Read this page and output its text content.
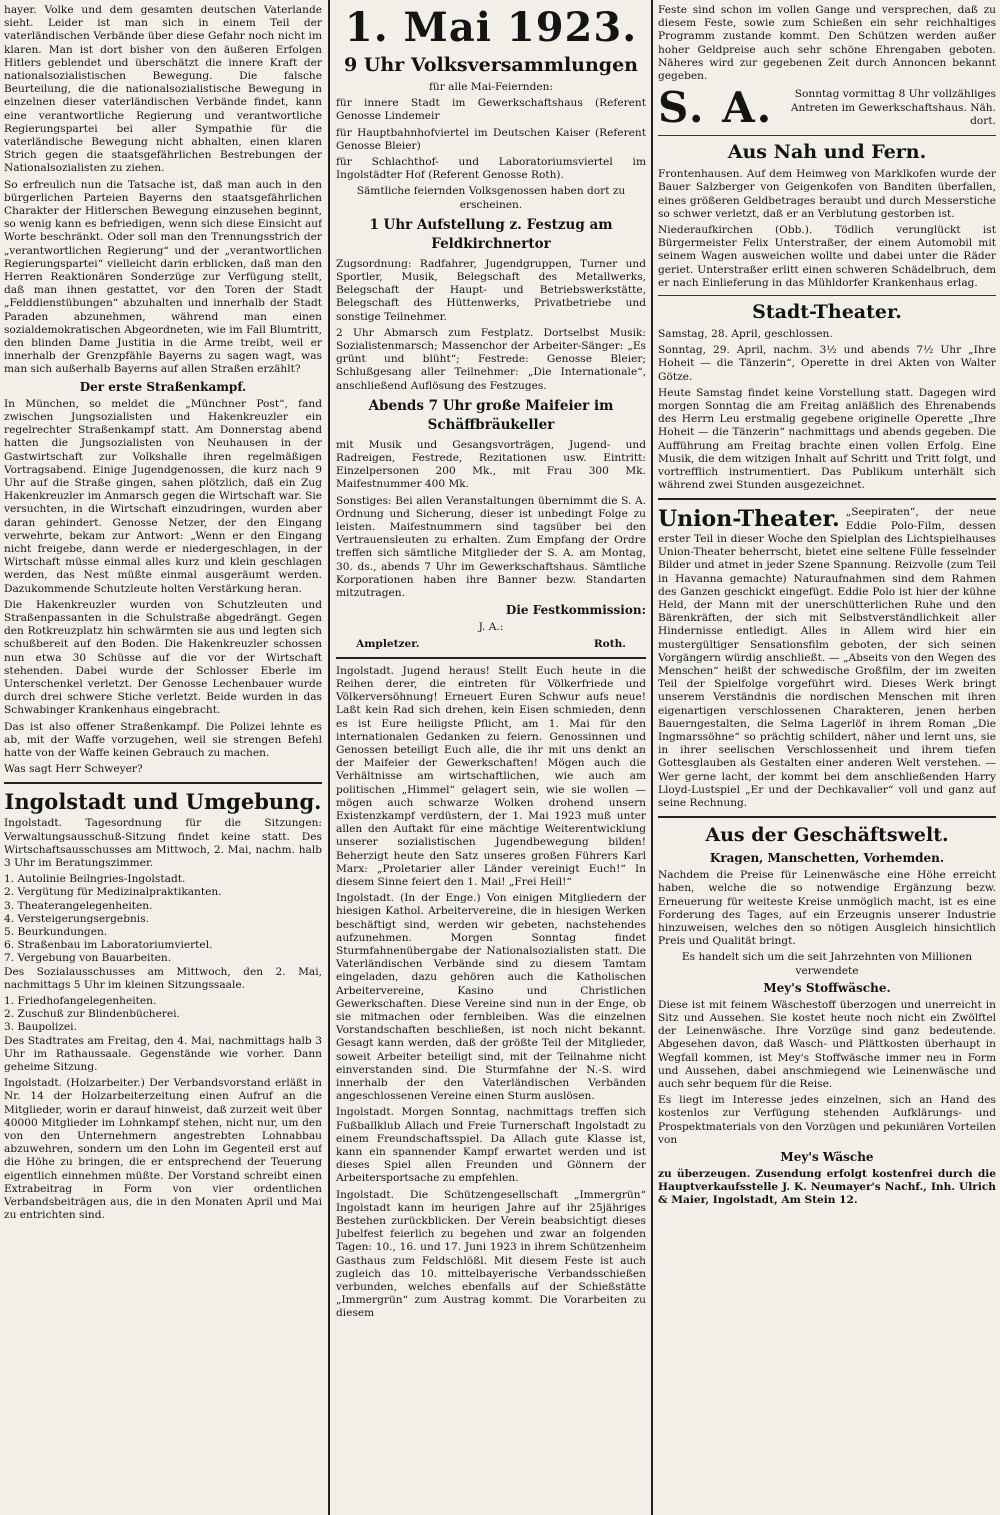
hayer. Volke und dem gesamten deutschen Vaterlande sieht. Leider ist man sich in einem Teil der vaterländischen Verbände über diese Gefahr noch nicht im klaren. Man ist dort bisher von den äußeren Erfolgen Hitlers geblendet und überschätzt die innere Kraft der nationalsozialistischen Bewegung. Die falsche Beurteilung, die die nationalsozialistische Bewegung in einzelnen dieser vaterländischen Verbände findet, kann eine verantwortliche Regierung und verantwortliche Regierungspartei bei aller Sympathie für die vaterländische Bewegung nicht abhalten, einen klaren Strich gegen die staatsgefährlichen Bestrebungen der Nationalsozialisten zu ziehen.

So erfreulich nun die Tatsache ist, daß man auch in den bürgerlichen Parteien Bayerns den staatsgefährlichen Charakter der Hitlerschen Bewegung einzusehen beginnt, so wenig kann es befriedigen, wenn sich diese Einsicht auf Worte beschränkt. Oder soll man den Trennungsstrich der „verantwortlichen Regierung“ und der „verantwortlichen Regierungspartei“ vielleicht darin erblicken, daß man den Herren Reaktionären Sonderzüge zur Verfügung stellt, daß man ihnen gestattet, vor den Toren der Stadt „Felddienstübungen“ abzuhalten und innerhalb der Stadt Paraden abzunehmen, während man einen sozialdemokratischen Abgeordneten, wie im Fall Blumtritt, den blinden Dame Justitia in die Arme treibt, weil er innerhalb der Grenzpfähle Bayerns zu sagen wagt, was man sich außerhalb Bayerns auf allen Straßen erzählt?

Der erste Straßenkampf.

In München, so meldet die „Münchner Post“, fand zwischen Jungsozialisten und Hakenkreuzler ein regelrechter Straßenkampf statt. Am Donnerstag abend hatten die Jungsozialisten von Neuhausen in der Gastwirtschaft zur Volkshalle ihren regelmäßigen Vortragsabend. Einige Jugendgenossen, die kurz nach 9 Uhr auf die Straße gingen, sahen plötzlich, daß ein Zug Hakenkreuzler im Anmarsch gegen die Wirtschaft war. Sie versuchten, in die Wirtschaft einzudringen, wurden aber daran gehindert. Genosse Netzer, der den Eingang verwehrte, bekam zur Antwort: „Wenn er den Eingang nicht freigebe, dann werde er niedergeschlagen, in der Wirtschaft müsse einmal alles kurz und klein geschlagen werden, das Nest müßte einmal ausgeräumt werden. Dazukommende Schutzleute holten Verstärkung heran.

Die Hakenkreuzler wurden von Schutzleuten und Straßenpassanten in die Schulstraße abgedrängt. Gegen den Rotkreuzplatz hin schwärmten sie aus und legten sich schußbereit auf den Boden. Die Hakenkreuzler schossen nun etwa 30 Schüsse auf die vor der Wirtschaft stehenden. Dabei wurde der Schlosser Eberle im Unterschenkel verletzt. Der Genosse Lechenbauer wurde durch drei schwere Stiche verletzt. Beide wurden in das Schwabinger Krankenhaus eingebracht.

Das ist also offener Straßenkampf. Die Polizei lehnte es ab, mit der Waffe vorzugehen, weil sie strengen Befehl hatte von der Waffe keinen Gebrauch zu machen.

Was sagt Herr Schweyer?

Ingolstadt und Umgebung.

Ingolstadt. Tagesordnung für die Sitzungen: Verwaltungsausschuß-Sitzung findet keine statt. Des Wirtschaftsausschusses am Mittwoch, 2. Mai, nachm. halb 3 Uhr im Beratungszimmer.

1. Autolinie Beilngries-Ingolstadt.
2. Vergütung für Medizinalpraktikanten.
3. Theaterangelegenheiten.
4. Versteigerungsergebnis.
5. Beurkundungen.
6. Straßenbau im Laboratoriumviertel.
7. Vergebung von Bauarbeiten.

Des Sozialausschusses am Mittwoch, den 2. Mai, nachmittags 5 Uhr im kleinen Sitzungssaale.

1. Friedhofangelegenheiten.
2. Zuschuß zur Blindenbücherei.
3. Baupolizei.

Des Stadtrates am Freitag, den 4. Mai, nachmittags halb 3 Uhr im Rathaussaale. Gegenstände wie vorher. Dann geheime Sitzung.

Ingolstadt. (Holzarbeiter.) Der Verbandsvorstand erläßt in Nr. 14 der Holzarbeiterzeitung einen Aufruf an die Mitglieder, worin er darauf hinweist, daß zurzeit weit über 40000 Mitglieder im Lohnkampf stehen, nicht nur, um den von den Unternehmern angestrebten Lohnabbau abzuwehren, sondern um den Lohn im Gegenteil erst auf die Höhe zu bringen, die er entsprechend der Teuerung eigentlich einnehmen müßte. Der Vorstand schreibt einen Extrabeitrag in Form von vier ordentlichen Verbandsbeiträgen aus, die in den Monaten April und Mai zu entrichten sind.

1. Mai 1923.
9 Uhr Volksversammlungen

für alle Mai-Feiernden:

für innere Stadt im Gewerkschaftshaus (Referent Genosse Lindemeir

für Hauptbahnhofviertel im Deutschen Kaiser (Referent Genosse Bleier)

für Schlachthof- und Laboratoriumsviertel im Ingolstädter Hof (Referent Genosse Roth).

Sämtliche feiernden Volksgenossen haben dort zu erscheinen.

1 Uhr Aufstellung z. Festzug am Feldkirchnertor

Zugsordnung: Radfahrer, Jugendgruppen, Turner und Sportler, Musik, Belegschaft des Metallwerks, Belegschaft der Haupt- und Betriebswerkstätte, Belegschaft des Hüttenwerks, Privatbetriebe und sonstige Teilnehmer.

2 Uhr Abmarsch zum Festplatz. Dortselbst Musik: Sozialistenmarsch; Massenchor der Arbeiter-Sänger: „Es grünt und blüht“; Festrede: Genosse Bleier; Schlußgesang aller Teilnehmer: „Die Internationale“, anschließend Auflösung des Festzuges.

Abends 7 Uhr große Maifeier im Schäffbräukeller

mit Musik und Gesangsvorträgen, Jugend- und Radreigen, Festrede, Rezitationen usw. Eintritt: Einzelpersonen 200 Mk., mit Frau 300 Mk. Maifestnummer 400 Mk.

Sonstiges: Bei allen Veranstaltungen übernimmt die S. A. Ordnung und Sicherung, dieser ist unbedingt Folge zu leisten. Maifestnummern sind tagsüber bei den Vertrauensleuten zu erhalten. Zum Empfang der Ordre treffen sich sämtliche Mitglieder der S. A. am Montag, 30. ds., abends 7 Uhr im Gewerkschaftshaus. Sämtliche Korporationen haben ihre Banner bezw. Standarten mitzutragen.

Die Festkommission:

J. A.:

Ampletzer.	Roth.

Ingolstadt. Jugend heraus! Stellt Euch heute in die Reihen derer, die eintreten für Völkerfriede und Völkerversöhnung! Erneuert Euren Schwur aufs neue! Laßt kein Rad sich drehen, kein Eisen schmieden, denn es ist Eure heiligste Pflicht, am 1. Mai für den internationalen Gedanken zu feiern. Genossinnen und Genossen beteiligt Euch alle, die ihr mit uns denkt an der Maifeier der Gewerkschaften! Mögen auch die Verhältnisse am wirtschaftlichen, wie auch am politischen „Himmel“ gelagert sein, wie sie wollen — mögen auch schwarze Wolken drohend unsern Existenzkampf verdüstern, der 1. Mai 1923 muß unter allen den Auftakt für eine mächtige Weiterentwicklung unserer sozialistischen Jugendbewegung bilden! Beherzigt heute den Satz unseres großen Führers Karl Marx: „Proletarier aller Länder vereinigt Euch!“ In diesem Sinne feiert den 1. Mai! „Frei Heil!“

Ingolstadt. (In der Enge.) Von einigen Mitgliedern der hiesigen Kathol. Arbeitervereine, die in hiesigen Werken beschäftigt sind, werden wir gebeten, nachstehendes aufzunehmen. Morgen Sonntag findet Sturmfahnenübergabe der Nationalsozialisten statt. Die Vaterländischen Verbände sind zu diesem Tamtam eingeladen, dazu gehören auch die Katholischen Arbeitervereine, Kasino und Christlichen Gewerkschaften. Diese Vereine sind nun in der Enge, ob sie mitmachen oder fernbleiben. Was die einzelnen Vorstandschaften beschließen, ist noch nicht bekannt. Gesagt kann werden, daß der größte Teil der Mitglieder, soweit Arbeiter beteiligt sind, mit der Teilnahme nicht einverstanden sind. Die Sturmfahne der N.-S. wird innerhalb der den Vaterländischen Verbänden angeschlossenen Vereine einen Sturm auslösen.

Ingolstadt. Morgen Sonntag, nachmittags treffen sich Fußballklub Allach und Freie Turnerschaft Ingolstadt zu einem Freundschaftsspiel. Da Allach gute Klasse ist, kann ein spannender Kampf erwartet werden und ist dieses Spiel allen Freunden und Gönnern der Arbeitersportsache zu empfehlen.

Ingolstadt. Die Schützengesellschaft „Immergrün“ Ingolstadt kann im heurigen Jahre auf ihr 25jähriges Bestehen zurückblicken. Der Verein beabsichtigt dieses Jubelfest feierlich zu begehen und zwar an folgenden Tagen: 10., 16. und 17. Juni 1923 in ihrem Schützenheim Gasthaus zum Feldschlößl. Mit diesem Feste ist auch zugleich das 10. mittelbayerische Verbandsschießen verbunden, welches ebenfalls auf der Schießstätte „Immergrün“ zum Austrag kommt. Die Vorarbeiten zu diesem

Feste sind schon im vollen Gange und versprechen, daß zu diesem Feste, sowie zum Schießen ein sehr reichhaltiges Programm zustande kommt. Den Schützen werden außer hoher Geldpreise auch sehr schöne Ehrengaben geboten. Näheres wird zur gegebenen Zeit durch Annoncen bekannt gegeben.

S. A.	Sonntag vormittag 8 Uhr vollzähliges Antreten im Gewerkschaftshaus. Näh. dort.
Aus Nah und Fern.

Frontenhausen. Auf dem Heimweg von Marklkofen wurde der Bauer Salzberger von Geigenkofen von Banditen überfallen, eines größeren Geldbetrages beraubt und durch Messerstiche so schwer verletzt, daß er an Verblutung gestorben ist.

Niederaufkirchen (Obb.). Tödlich verunglückt ist Bürgermeister Felix Unterstraßer, der einem Automobil mit seinem Wagen ausweichen wollte und dabei unter die Räder geriet. Unterstraßer erlitt einen schweren Schädelbruch, dem er nach Einlieferung in das Mühldorfer Krankenhaus erlag.

Stadt-Theater.

Samstag, 28. April, geschlossen.

Sonntag, 29. April, nachm. 3½ und abends 7½ Uhr „Ihre Hoheit — die Tänzerin“, Operette in drei Akten von Walter Götze.

Heute Samstag findet keine Vorstellung statt. Dagegen wird morgen Sonntag die am Freitag anläßlich des Ehrenabends des Herrn Leu erstmalig gegebene originelle Operette „Ihre Hoheit — die Tänzerin“ nachmittags und abends gegeben. Die Aufführung am Freitag brachte einen vollen Erfolg. Eine Musik, die dem witzigen Inhalt auf Schritt und Tritt folgt, und vortrefflich instrumentiert. Das Publikum unterhält sich während zwei Stunden ausgezeichnet.

Union-Theater. „Seepiraten“, der neue Eddie Polo-Film, dessen erster Teil in dieser Woche den Spielplan des Lichtspielhauses Union-Theater beherrscht, bietet eine seltene Fülle fesselnder Bilder und atmet in jeder Szene Spannung. Reizvolle (zum Teil in Havanna gemachte) Naturaufnahmen sind dem Rahmen des Ganzen geschickt eingefügt. Eddie Polo ist hier der kühne Held, der Mann mit der unerschütterlichen Ruhe und den Bärenkräften, der sich mit Selbstverständlichkeit aller Hindernisse entledigt. Alles in Allem wird hier ein mustergültiger Sensationsfilm geboten, der sich seinen Vorgängern würdig anschließt. — „Abseits von den Wegen des Menschen“ heißt der schwedische Großfilm, der im zweiten Teil der Spielfolge vorgeführt wird. Dieses Werk bringt unserem Verständnis die nordischen Menschen mit ihren eigenartigen verschlossenen Charakteren, jenen herben Bauerngestalten, die Selma Lagerlöf in ihrem Roman „Die Ingmarssöhne“ so prächtig schildert, näher und lernt uns, sie in ihrer seelischen Verschlossenheit und ihrem tiefen Gottesglauben als Gestalten einer anderen Welt verstehen. — Wer gerne lacht, der kommt bei dem anschließenden Harry Lloyd-Lustspiel „Er und der Dechkavalier“ voll und ganz auf seine Rechnung.

Aus der Geschäftswelt.
Kragen, Manschetten, Vorhemden.

Nachdem die Preise für Leinenwäsche eine Höhe erreicht haben, welche die so notwendige Ergänzung bezw. Erneuerung für weiteste Kreise unmöglich macht, ist es eine Forderung des Tages, auf ein Erzeugnis unserer Industrie hinzuweisen, welches den so nötigen Ausgleich hinsichtlich Preis und Qualität bringt.

Es handelt sich um die seit Jahrzehnten von Millionen verwendete

Mey's Stoffwäsche.

Diese ist mit feinem Wäschestoff überzogen und unerreicht in Sitz und Aussehen. Sie kostet heute noch nicht ein Zwölftel der Leinenwäsche. Ihre Vorzüge sind ganz bedeutende. Abgesehen davon, daß Wasch- und Plättkosten überhaupt in Wegfall kommen, ist Mey's Stoffwäsche immer neu in Form und Aussehen, dabei anschmiegend wie Leinenwäsche und auch sehr bequem für die Reise.

Es liegt im Interesse jedes einzelnen, sich an Hand des kostenlos zur Verfügung stehenden Aufklärungs- und Prospektmaterials von den Vorzügen und pekuniären Vorteilen von

Mey's Wäsche

zu überzeugen. Zusendung erfolgt kostenfrei durch die Hauptverkaufsstelle J. K. Neumayer's Nachf., Inh. Ulrich & Maier, Ingolstadt, Am Stein 12.
